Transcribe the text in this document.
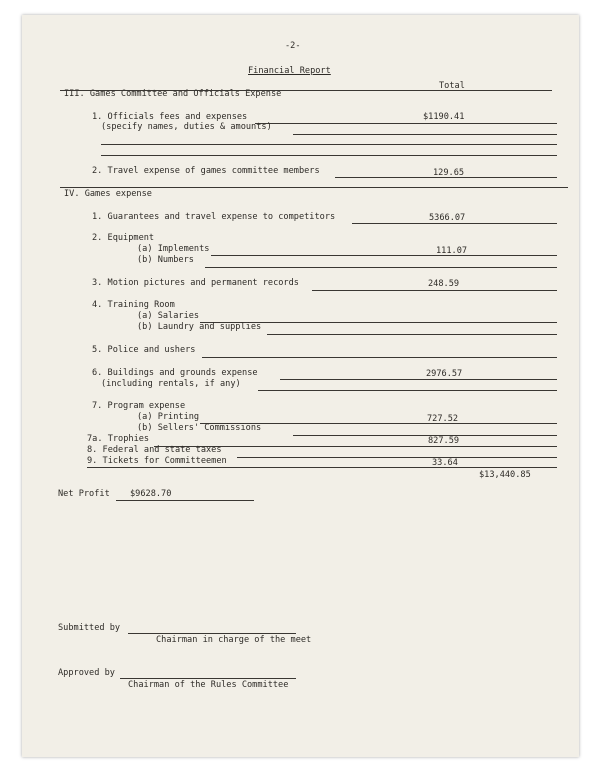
-2-
Financial Report
Total
III. Games Committee and Officials Expense
1. Officials fees and expenses	$1190.41
(specify names, duties & amounts)
2. Travel expense of games committee members	129.65
IV. Games expense
1. Guarantees and travel expense to competitors	5366.07
2. Equipment
(a) Implements	111.07
(b) Numbers
3. Motion pictures and permanent records	248.59
4. Training Room
(a) Salaries
(b) Laundry and supplies
5. Police and ushers
6. Buildings and grounds expense	2976.57
(including rentals, if any)
7. Program expense
(a) Printing	727.52
(b) Sellers' Commissions
7a. Trophies	827.59
8. Federal and state taxes
9. Tickets for Committeemen	33.64
$13,440.85
Net Profit $9628.70
Submitted by
Chairman in charge of the meet
Approved by
Chairman of the Rules Committee
